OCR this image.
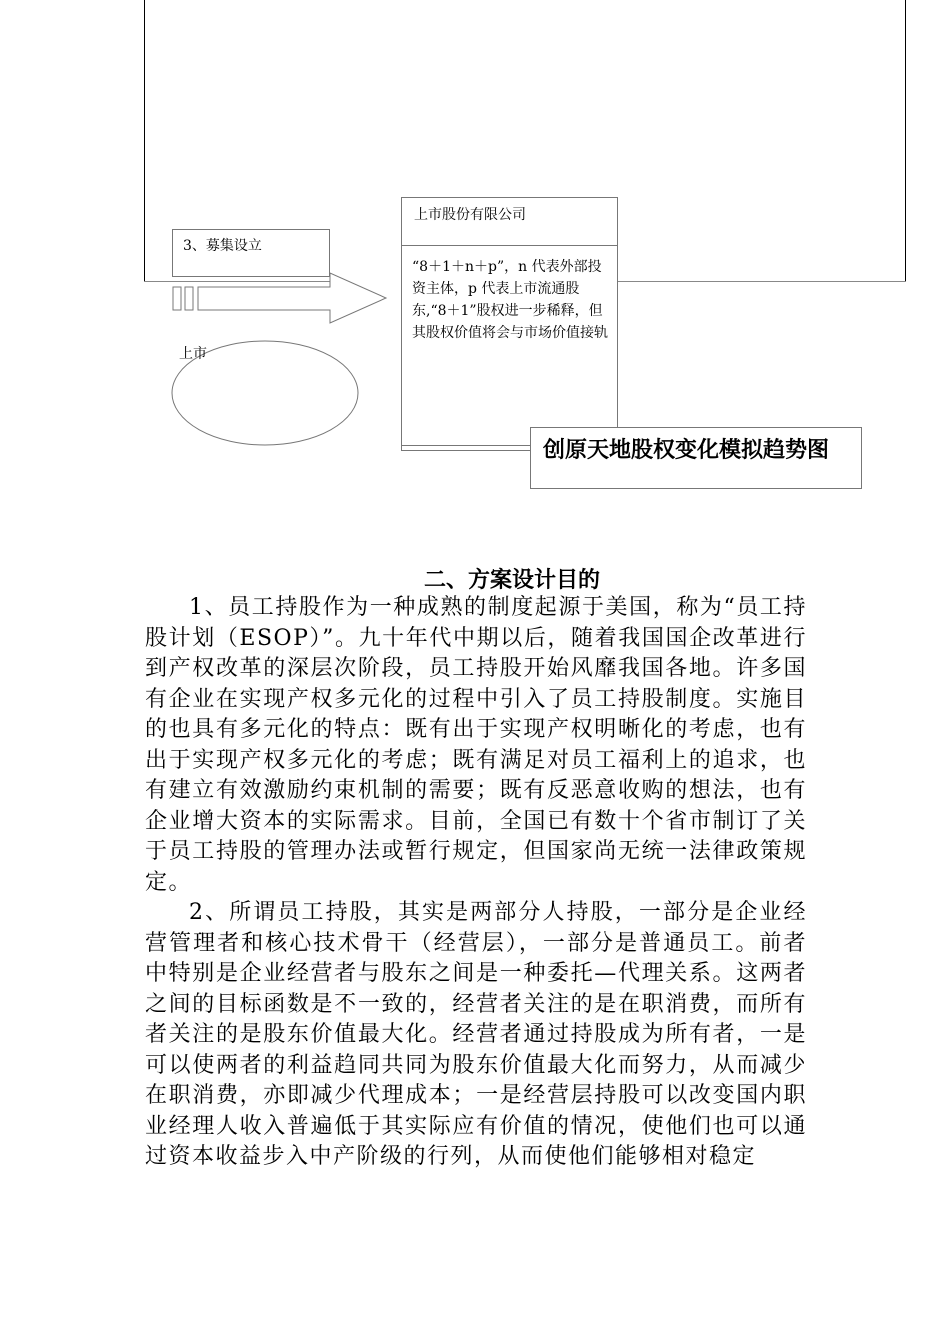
3、募集设立
上市
上市股份有限公司
“8＋1＋n＋p”，n 代表外部投资主体，p 代表上市流通股东,“8＋1”股权进一步稀释，但其股权价值将会与市场价值接轨
创原天地股权变化模拟趋势图
二、方案设计目的

1、员工持股作为一种成熟的制度起源于美国，称为“员工持股计划（ESOP）”。九十年代中期以后，随着我国国企改革进行到产权改革的深层次阶段，员工持股开始风靡我国各地。许多国有企业在实现产权多元化的过程中引入了员工持股制度。实施目的也具有多元化的特点：既有出于实现产权明晰化的考虑，也有出于实现产权多元化的考虑；既有满足对员工福利上的追求，也有建立有效激励约束机制的需要；既有反恶意收购的想法，也有企业增大资本的实际需求。目前，全国已有数十个省市制订了关于员工持股的管理办法或暂行规定，但国家尚无统一法律政策规定。

2、所谓员工持股，其实是两部分人持股，一部分是企业经营管理者和核心技术骨干（经营层），一部分是普通员工。前者中特别是企业经营者与股东之间是一种委托—代理关系。这两者之间的目标函数是不一致的，经营者关注的是在职消费，而所有者关注的是股东价值最大化。经营者通过持股成为所有者，一是可以使两者的利益趋同共同为股东价值最大化而努力，从而减少在职消费，亦即减少代理成本；一是经营层持股可以改变国内职业经理人收入普遍低于其实际应有价值的情况，使他们也可以通过资本收益步入中产阶级的行列，从而使他们能够相对稳定
